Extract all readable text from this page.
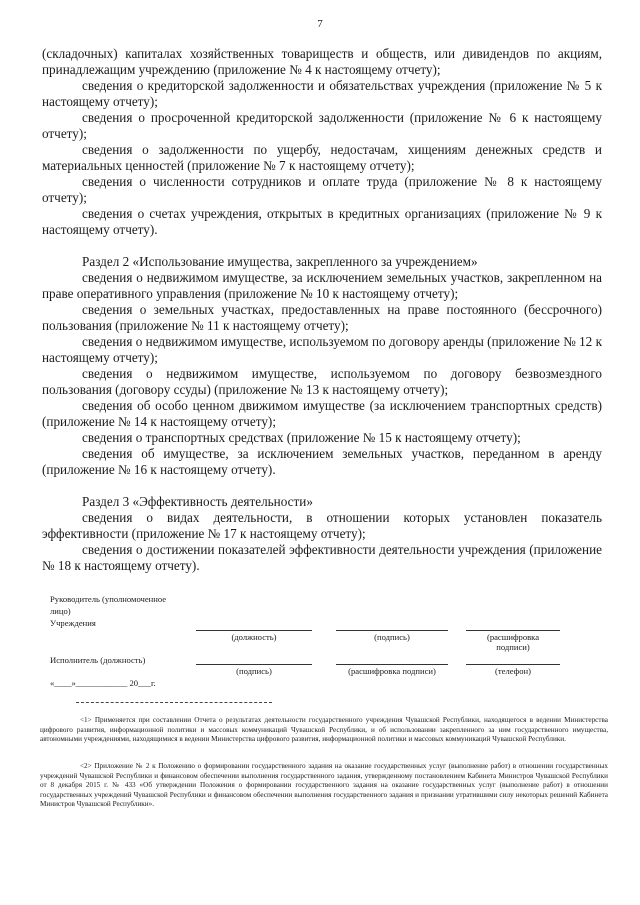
7

(складочных) капиталах хозяйственных товариществ и обществ, или дивидендов по акциям, принадлежащим учреждению (приложение № 4 к настоящему отчету);

сведения о кредиторской задолженности и обязательствах учреждения (приложение № 5 к настоящему отчету);

сведения о просроченной кредиторской задолженности (приложение № 6 к настоящему отчету);

сведения о задолженности по ущербу, недостачам, хищениям денежных средств и материальных ценностей (приложение № 7 к настоящему отчету);

сведения о численности сотрудников и оплате труда (приложение № 8 к настоящему отчету);

сведения о счетах учреждения, открытых в кредитных организациях (приложение № 9 к настоящему отчету).

Раздел 2 «Использование имущества, закрепленного за учреждением»

сведения о недвижимом имуществе, за исключением земельных участков, закрепленном на праве оперативного управления (приложение № 10 к настоящему отчету);

сведения о земельных участках, предоставленных на праве постоянного (бессрочного) пользования (приложение № 11 к настоящему отчету);

сведения о недвижимом имуществе, используемом по договору аренды (приложение № 12 к настоящему отчету);

сведения о недвижимом имуществе, используемом по договору безвозмездного пользования (договору ссуды) (приложение № 13 к настоящему отчету);

сведения об особо ценном движимом имуществе (за исключением транспортных средств) (приложение № 14 к настоящему отчету);

сведения о транспортных средствах (приложение № 15 к настоящему отчету);

сведения об имуществе, за исключением земельных участков, переданном в аренду (приложение № 16 к настоящему отчету).

Раздел 3 «Эффективность деятельности»

сведения о видах деятельности, в отношении которых установлен показатель эффективности (приложение № 17 к настоящему отчету);

сведения о достижении показателей эффективности деятельности учреждения (приложение № 18 к настоящему отчету).

Руководитель (уполномоченное
лицо)
Учреждения
(должность)	(подпись)	(расшифровка
подписи)
Исполнитель (должность)
(подпись)	(расшифровка подписи)	(телефон)
«____»____________ 20___г.

<1> Применяется при составлении Отчета о результатах деятельности государственного учреждения Чувашской Республики, находящегося в ведении Министерства цифрового развития, информационной политики и массовых коммуникаций Чувашской Республики, и об использовании закрепленного за ним государственного имущества, автономными учреждениями, находящимися в ведении Министерства цифрового развития, информационной политики и массовых коммуникаций Чувашской Республики.

<2> Приложение № 2 к Положению о формировании государственного задания на оказание государственных услуг (выполнение работ) в отношении государственных учреждений Чувашской Республики и финансовом обеспечении выполнения государственного задания, утвержденному постановлением Кабинета Министров Чувашской Республики от 8 декабря 2015 г. № 433 «Об утверждении Положения о формировании государственного задания на оказание государственных услуг (выполнение работ) в отношении государственных учреждений Чувашской Республики и финансовом обеспечении выполнения государственного задания и признании утратившими силу некоторых решений Кабинета Министров Чувашской Республики».
